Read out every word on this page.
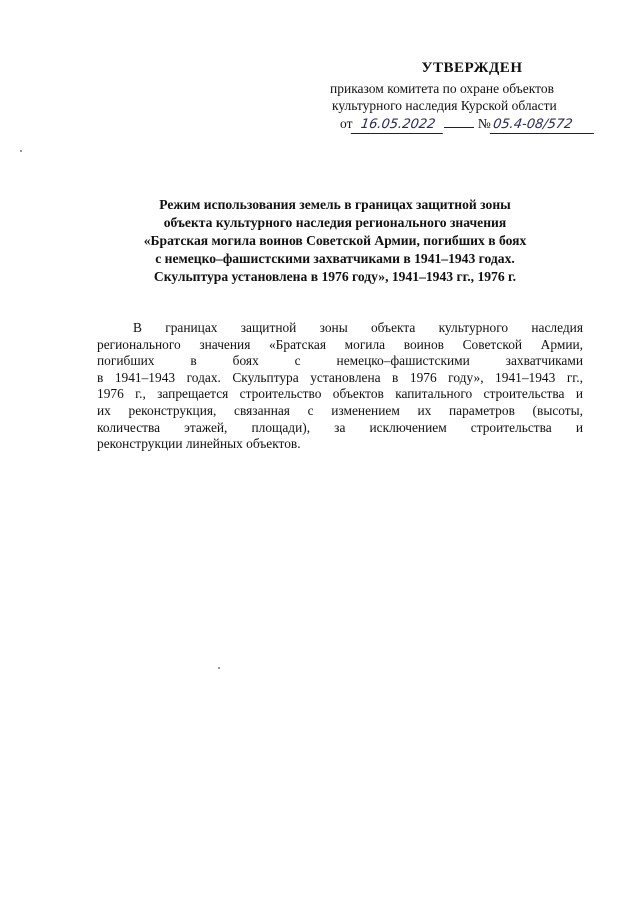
УТВЕРЖДЕН
приказом комитета по охране объектов
культурного наследия Курской области
от 16.05.2022	№05.4-08/572
Режим использования земель в границах защитной зоны
объекта культурного наследия регионального значения
«Братская могила воинов Советской Армии, погибших в боях
с немецко–фашистскими захватчиками в 1941–1943 годах.
Скульптура установлена в 1976 году», 1941–1943 гг., 1976 г.
В границах защитной зоны объекта культурного наследия
регионального значения «Братская могила воинов Советской Армии,
погибших в боях с немецко–фашистскими захватчиками
в 1941–1943 годах. Скульптура установлена в 1976 году», 1941–1943 гг.,
1976 г., запрещается строительство объектов капитального строительства и
их реконструкция, связанная с изменением их параметров (высоты,
количества этажей, площади), за исключением строительства и
реконструкции линейных объектов.
